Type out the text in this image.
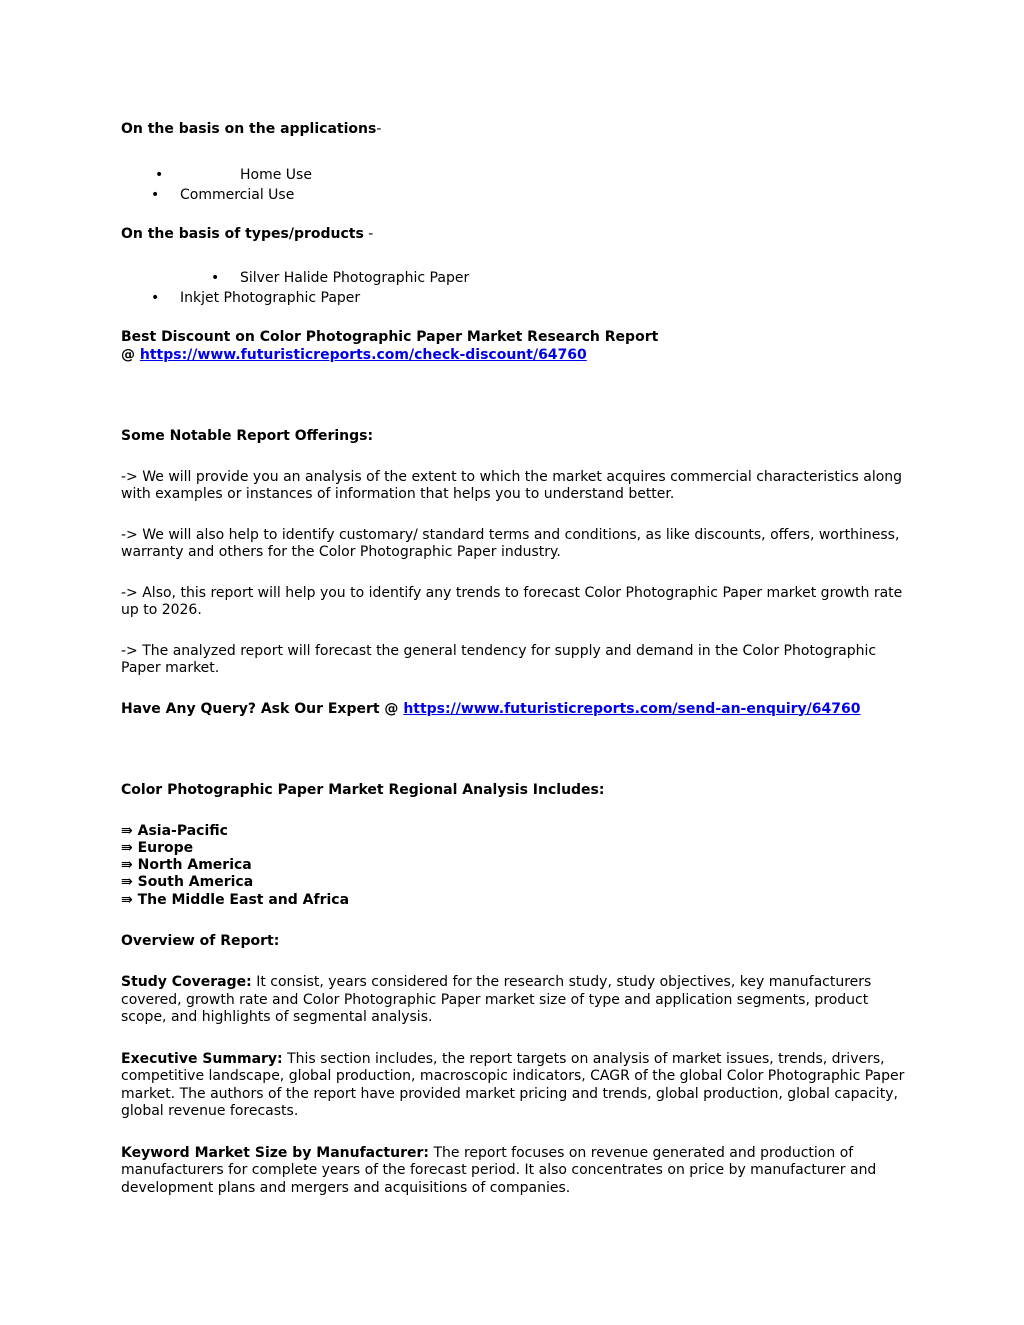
On the basis on the applications-

•	Home Use
• Commercial Use

On the basis of types/products -

• Silver Halide Photographic Paper
• Inkjet Photographic Paper

Best Discount on Color Photographic Paper Market Research Report

@ https://www.futuristicreports.com/check-discount/64760

Some Notable Report Offerings:

-> We will provide you an analysis of the extent to which the market acquires commercial characteristics along with examples or instances of information that helps you to understand better.

-> We will also help to identify customary/ standard terms and conditions, as like discounts, offers, worthiness, warranty and others for the Color Photographic Paper industry.

-> Also, this report will help you to identify any trends to forecast Color Photographic Paper market growth rate up to 2026.

-> The analyzed report will forecast the general tendency for supply and demand in the Color Photographic Paper market.

Have Any Query? Ask Our Expert @ https://www.futuristicreports.com/send-an-enquiry/64760

Color Photographic Paper Market Regional Analysis Includes:

⇛ Asia-Pacific

⇛ Europe

⇛ North America

⇛ South America

⇛ The Middle East and Africa

Overview of Report:

Study Coverage: It consist, years considered for the research study, study objectives, key manufacturers covered, growth rate and Color Photographic Paper market size of type and application segments, product scope, and highlights of segmental analysis.

Executive Summary: This section includes, the report targets on analysis of market issues, trends, drivers, competitive landscape, global production, macroscopic indicators, CAGR of the global Color Photographic Paper market. The authors of the report have provided market pricing and trends, global production, global capacity, global revenue forecasts.

Keyword Market Size by Manufacturer: The report focuses on revenue generated and production of manufacturers for complete years of the forecast period. It also concentrates on price by manufacturer and development plans and mergers and acquisitions of companies.
